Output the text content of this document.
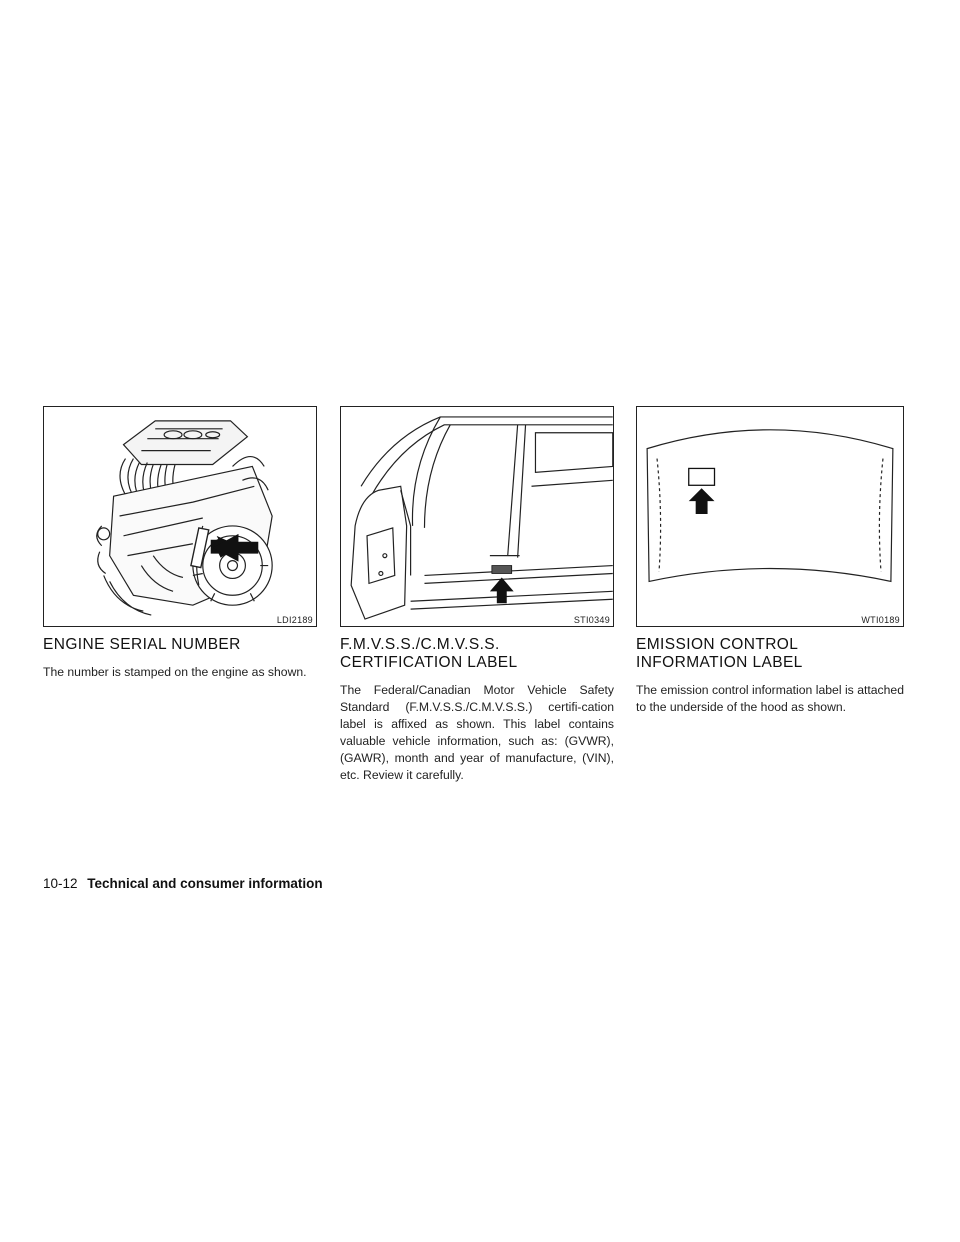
LDI2189
ENGINE SERIAL NUMBER

The number is stamped on the engine as shown.

STI0349
F.M.V.S.S./C.M.V.S.S. CERTIFICATION LABEL

The Federal/Canadian Motor Vehicle Safety Standard (F.M.V.S.S./C.M.V.S.S.) certifi-cation label is affixed as shown. This label contains valuable vehicle information, such as: (GVWR), (GAWR), month and year of manufacture, (VIN), etc. Review it carefully.

WTI0189
EMISSION CONTROL INFORMATION LABEL

The emission control information label is attached to the underside of the hood as shown.

10-12 Technical and consumer information
